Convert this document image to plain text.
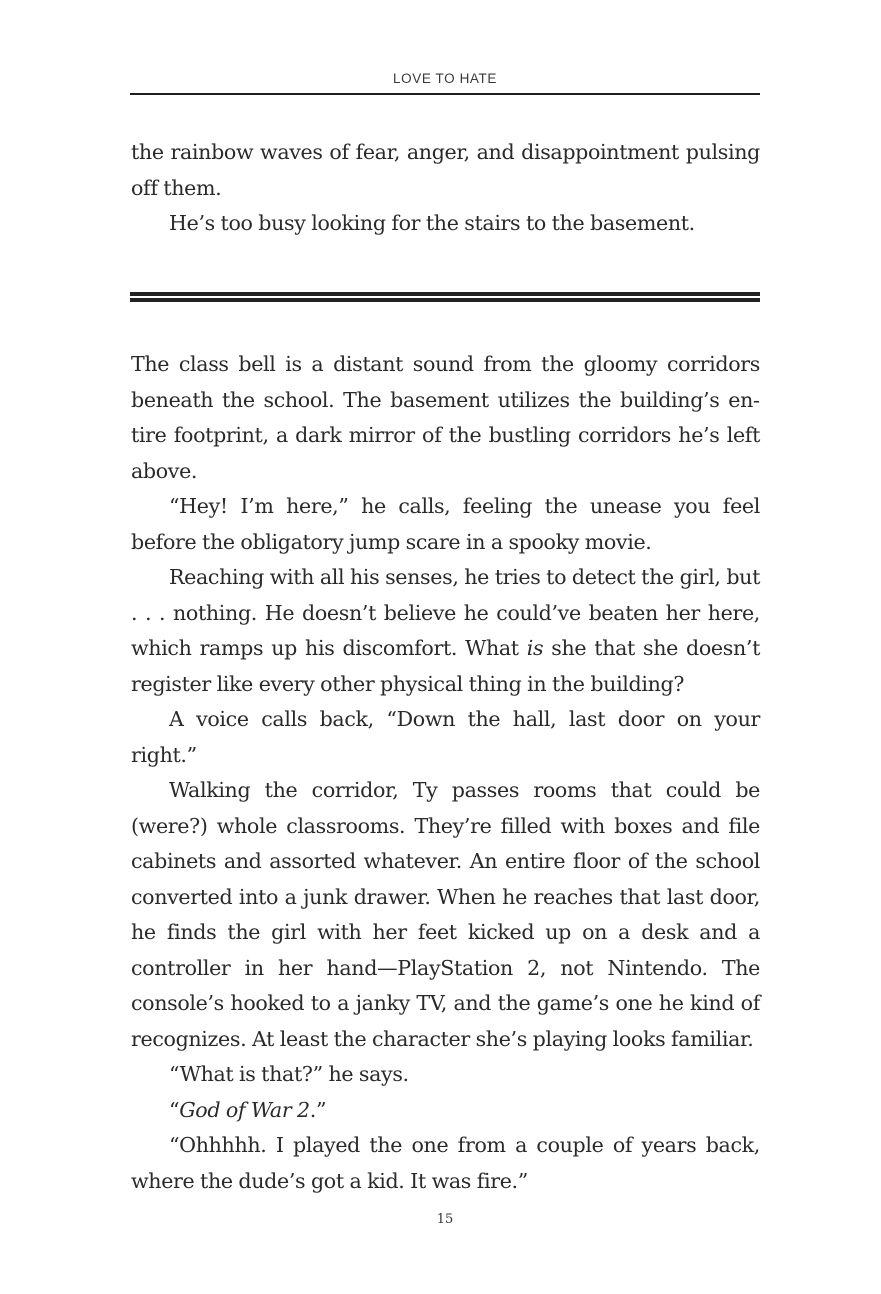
LOVE TO HATE

the rainbow waves of fear, anger, and disappointment pulsing off them.

He’s too busy looking for the stairs to the basement.

The class bell is a distant sound from the gloomy corridors beneath the school. The basement utilizes the building’s entire footprint, a dark mirror of the bustling corridors he’s left above.

“Hey! I’m here,” he calls, feeling the unease you feel before the obligatory jump scare in a spooky movie.

Reaching with all his senses, he tries to detect the girl, but . . . nothing. He doesn’t believe he could’ve beaten her here, which ramps up his discomfort. What is she that she doesn’t register like every other physical thing in the building?

A voice calls back, “Down the hall, last door on your right.”

Walking the corridor, Ty passes rooms that could be (were?) whole classrooms. They’re filled with boxes and file cabinets and assorted whatever. An entire floor of the school converted into a junk drawer. When he reaches that last door, he finds the girl with her feet kicked up on a desk and a controller in her hand—PlayStation 2, not Nintendo. The console’s hooked to a janky TV, and the game’s one he kind of recognizes. At least the character she’s playing looks familiar.

“What is that?” he says.

“God of War 2.”

“Ohhhhh. I played the one from a couple of years back, where the dude’s got a kid. It was fire.”

15
